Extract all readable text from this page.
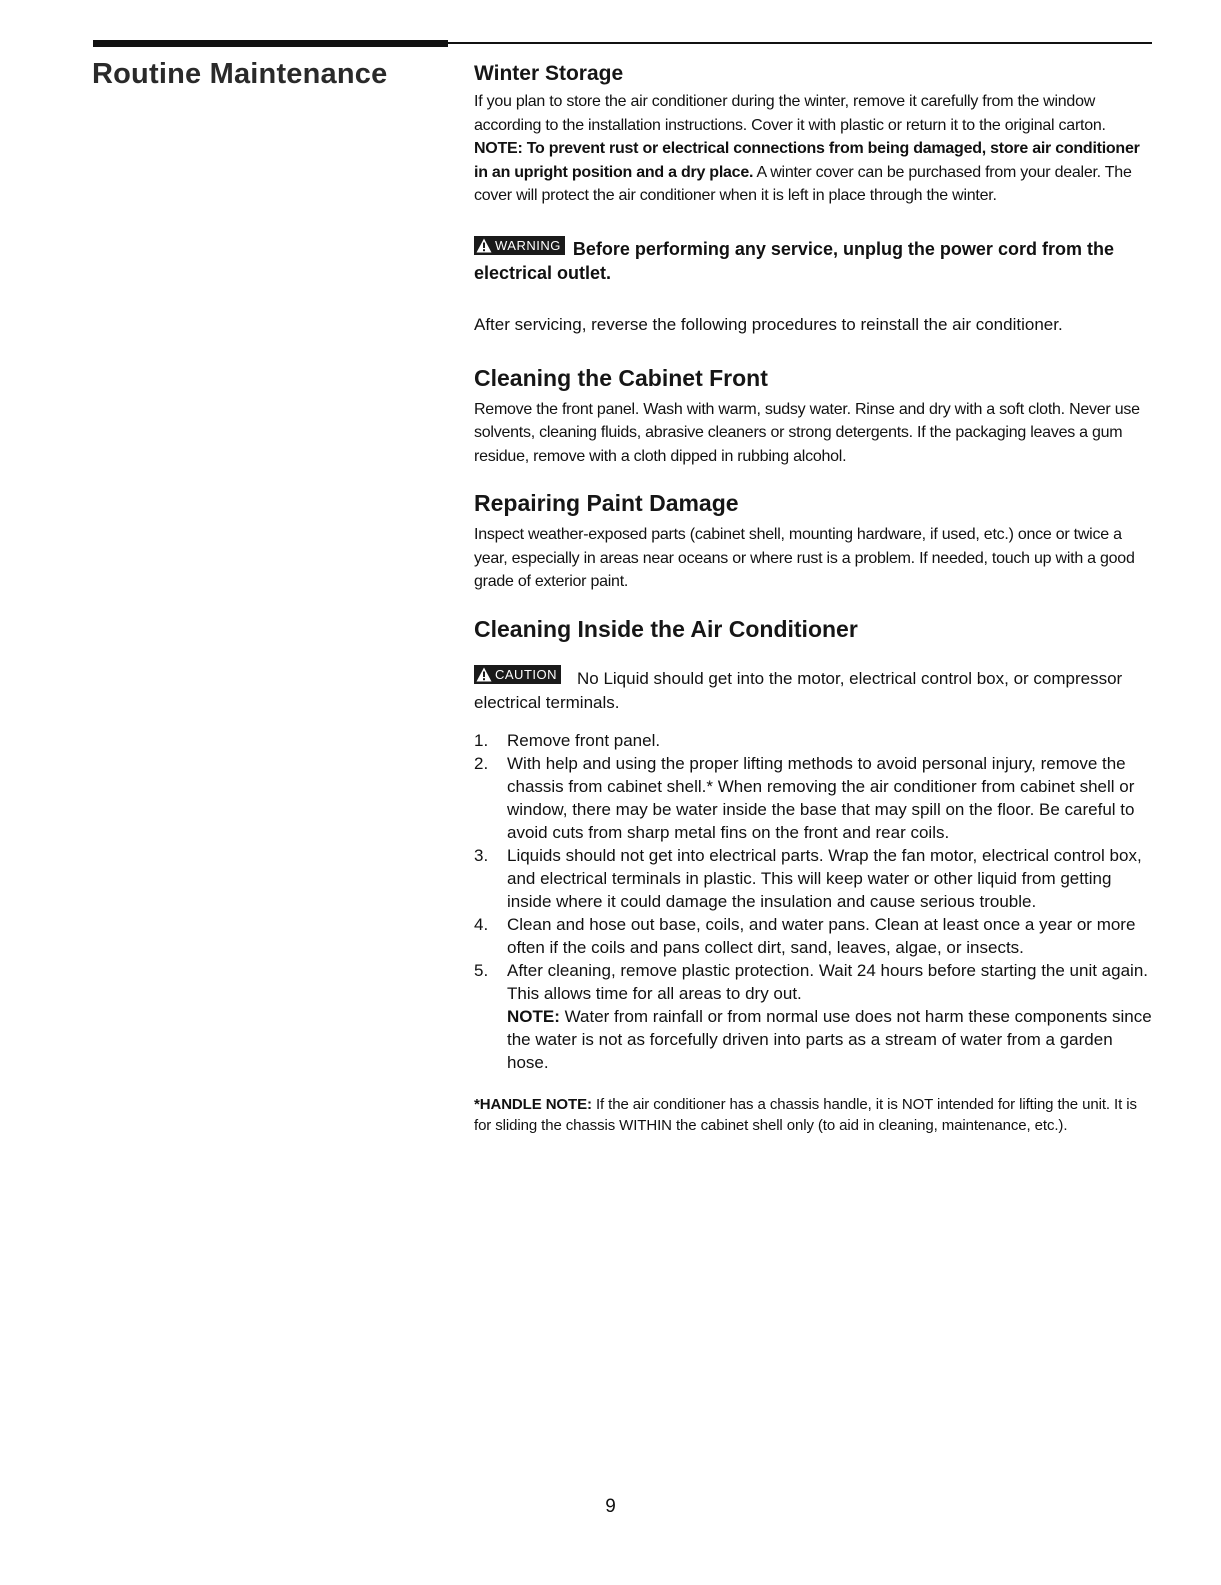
Routine Maintenance	Winter Storage

If you plan to store the air conditioner during the winter, remove it carefully from the window according to the installation instructions. Cover it with plastic or return it to the original carton. NOTE: To prevent rust or electrical connections from being damaged, store air conditioner in an upright position and a dry place. A winter cover can be purchased from your dealer. The cover will protect the air conditioner when it is left in place through the winter.

WARNING Before performing any service, unplug the power cord from the electrical outlet.

After servicing, reverse the following procedures to reinstall the air conditioner.

Cleaning the Cabinet Front

Remove the front panel. Wash with warm, sudsy water. Rinse and dry with a soft cloth. Never use solvents, cleaning fluids, abrasive cleaners or strong detergents. If the packaging leaves a gum residue, remove with a cloth dipped in rubbing alcohol.

Repairing Paint Damage

Inspect weather-exposed parts (cabinet shell, mounting hardware, if used, etc.) once or twice a year, especially in areas near oceans or where rust is a problem. If needed, touch up with a good grade of exterior paint.

Cleaning Inside the Air Conditioner

CAUTION No Liquid should get into the motor, electrical control box, or compressor electrical terminals.

1. Remove front panel.
2. With help and using the proper lifting methods to avoid personal injury, remove the chassis from cabinet shell.* When removing the air conditioner from cabinet shell or window, there may be water inside the base that may spill on the floor. Be careful to avoid cuts from sharp metal fins on the front and rear coils.
3. Liquids should not get into electrical parts. Wrap the fan motor, electrical control box, and electrical terminals in plastic. This will keep water or other liquid from getting inside where it could damage the insulation and cause serious trouble.
4. Clean and hose out base, coils, and water pans. Clean at least once a year or more often if the coils and pans collect dirt, sand, leaves, algae, or insects.
5. After cleaning, remove plastic protection. Wait 24 hours before starting the unit again. This allows time for all areas to dry out.
NOTE: Water from rainfall or from normal use does not harm these components since the water is not as forcefully driven into parts as a stream of water from a garden hose.

*HANDLE NOTE: If the air conditioner has a chassis handle, it is NOT intended for lifting the unit. It is for sliding the chassis WITHIN the cabinet shell only (to aid in cleaning, maintenance, etc.).

9
